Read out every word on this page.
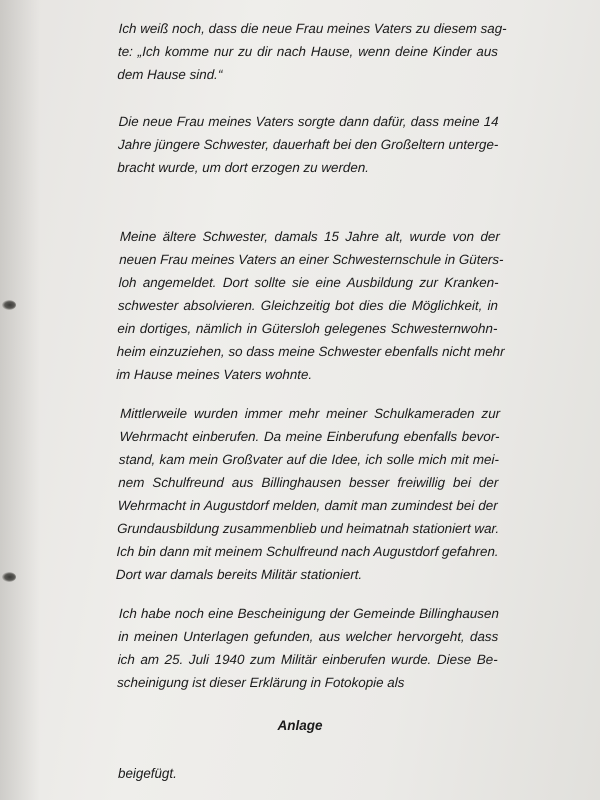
Ich weiß noch, dass die neue Frau meines Vaters zu diesem sag-
te: „Ich komme nur zu dir nach Hause, wenn deine Kinder aus
dem Hause sind.“
Die neue Frau meines Vaters sorgte dann dafür, dass meine 14
Jahre jüngere Schwester, dauerhaft bei den Großeltern unterge-
bracht wurde, um dort erzogen zu werden.
Meine ältere Schwester, damals 15 Jahre alt, wurde von der
neuen Frau meines Vaters an einer Schwesternschule in Güters-
loh angemeldet. Dort sollte sie eine Ausbildung zur Kranken-
schwester absolvieren. Gleichzeitig bot dies die Möglichkeit, in
ein dortiges, nämlich in Gütersloh gelegenes Schwesternwohn-
heim einzuziehen, so dass meine Schwester ebenfalls nicht mehr
im Hause meines Vaters wohnte.
Mittlerweile wurden immer mehr meiner Schulkameraden zur
Wehrmacht einberufen. Da meine Einberufung ebenfalls bevor-
stand, kam mein Großvater auf die Idee, ich solle mich mit mei-
nem Schulfreund aus Billinghausen besser freiwillig bei der
Wehrmacht in Augustdorf melden, damit man zumindest bei der
Grundausbildung zusammenblieb und heimatnah stationiert war.
Ich bin dann mit meinem Schulfreund nach Augustdorf gefahren.
Dort war damals bereits Militär stationiert.
Ich habe noch eine Bescheinigung der Gemeinde Billinghausen
in meinen Unterlagen gefunden, aus welcher hervorgeht, dass
ich am 25. Juli 1940 zum Militär einberufen wurde. Diese Be-
scheinigung ist dieser Erklärung in Fotokopie als
Anlage
beigefügt.
